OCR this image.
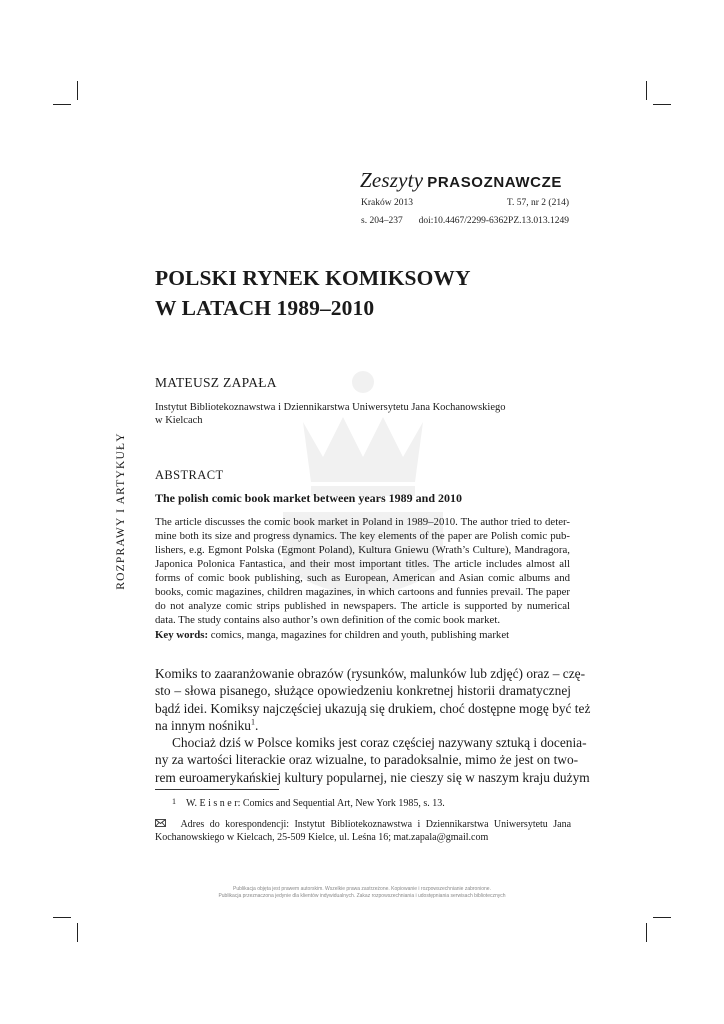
Zeszyty PRASOZNAWCZE
Kraków 2013	T. 57, nr 2 (214)
s. 204–237 doi:10.4467/2299-6362PZ.13.013.1249
POLSKI RYNEK KOMIKSOWY
W LATACH 1989–2010
MATEUSZ ZAPAŁA
Instytut Bibliotekoznawstwa i Dziennikarstwa Uniwersytetu Jana Kochanowskiego
w Kielcach
ROZPRAWY I ARTYKUŁY ABSTRACT
The polish comic book market between years 1989 and 2010
The article discusses the comic book market in Poland in 1989–2010. The author tried to deter-
mine both its size and progress dynamics. The key elements of the paper are Polish comic pub-
lishers, e.g. Egmont Polska (Egmont Poland), Kultura Gniewu (Wrath’s Culture), Mandragora,
Japonica Polonica Fantastica, and their most important titles. The article includes almost all
forms of comic book publishing, such as European, American and Asian comic albums and
books, comic magazines, children magazines, in which cartoons and funnies prevail. The paper
do not analyze comic strips published in newspapers. The article is supported by numerical
data. The study contains also author’s own definition of the comic book market.
Key words: comics, manga, magazines for children and youth, publishing market
Komiks to zaaranżowanie obrazów (rysunków, malunków lub zdjęć) oraz – czę-
sto – słowa pisanego, służące opowiedzeniu konkretnej historii dramatycznej
bądź idei. Komiksy najczęściej ukazują się drukiem, choć dostępne mogę być też
na innym nośniku$^1$.
Chociaż dziś w Polsce komiks jest coraz częściej nazywany sztuką i docenia-
ny za wartości literackie oraz wizualne, to paradoksalnie, mimo że jest on two-
rem euroamerykańskiej kultury popularnej, nie cieszy się w naszym kraju dużym
1 W. E i s n e r: Comics and Sequential Art, New York 1985, s. 13.
Adres do korespondencji: Instytut Bibliotekoznawstwa i Dziennikarstwa Uniwersytetu Jana
Kochanowskiego w Kielcach, 25-509 Kielce, ul. Leśna 16; mat.zapala@gmail.com
Publikacja objęta jest prawem autorskim. Wszelkie prawa zastrzeżone. Kopiowanie i rozpowszechnianie zabronione.
Publikacja przeznaczona jedynie dla klientów indywidualnych. Zakaz rozpowszechniania i udostępniania serwisach bibliotecznych
